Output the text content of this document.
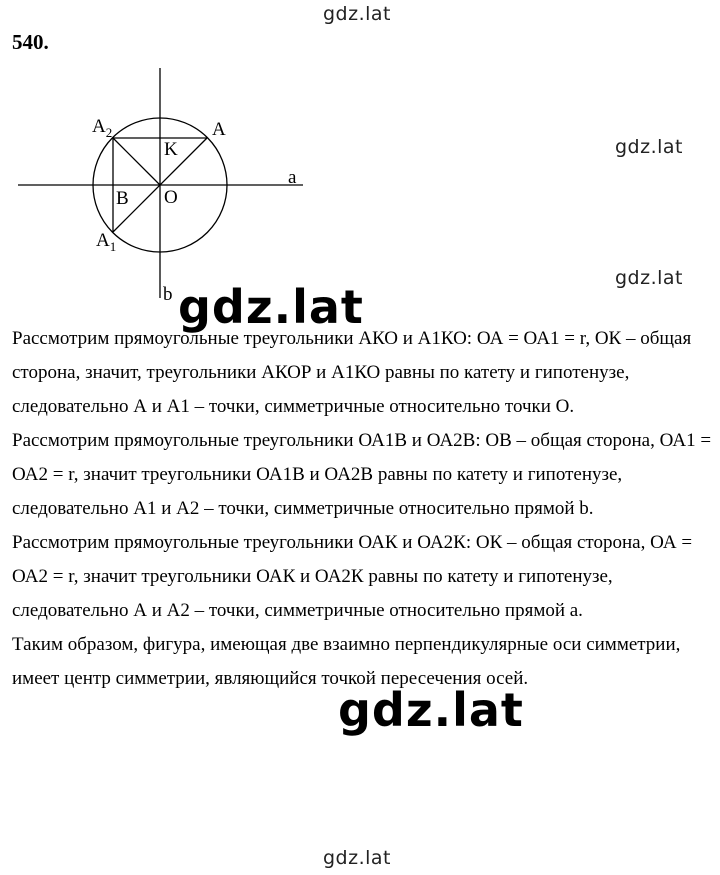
gdz.lat
540.
$A_2$	A
K
a
B O
$A_1$
b
gdz.lat
gdz.lat

Рассмотрим прямоугольные треугольники АКО и А1КО: ОА = ОА1 = r, ОК – общая сторона, значит, треугольники АКОР и А1КО равны по катету и гипотенузе, следовательно А и А1 – точки, симметричные относительно точки О.

Рассмотрим прямоугольные треугольники ОА1В и ОА2В: ОВ – общая сторона, ОА1 = ОА2 = r, значит треугольники ОА1В и ОА2В равны по катету и гипотенузе, следовательно А1 и А2 – точки, симметричные относительно прямой b.

Рассмотрим прямоугольные треугольники ОАК и ОА2К: ОК – общая сторона, ОА = ОА2 = r, значит треугольники ОАК и ОА2К равны по катету и гипотенузе, следовательно А и А2 – точки, симметричные относительно прямой а.

Таким образом, фигура, имеющая две взаимно перпендикулярные оси симметрии, имеет центр симметрии, являющийся точкой пересечения осей.

gdz.lat
gdz.lat
gdz.lat
